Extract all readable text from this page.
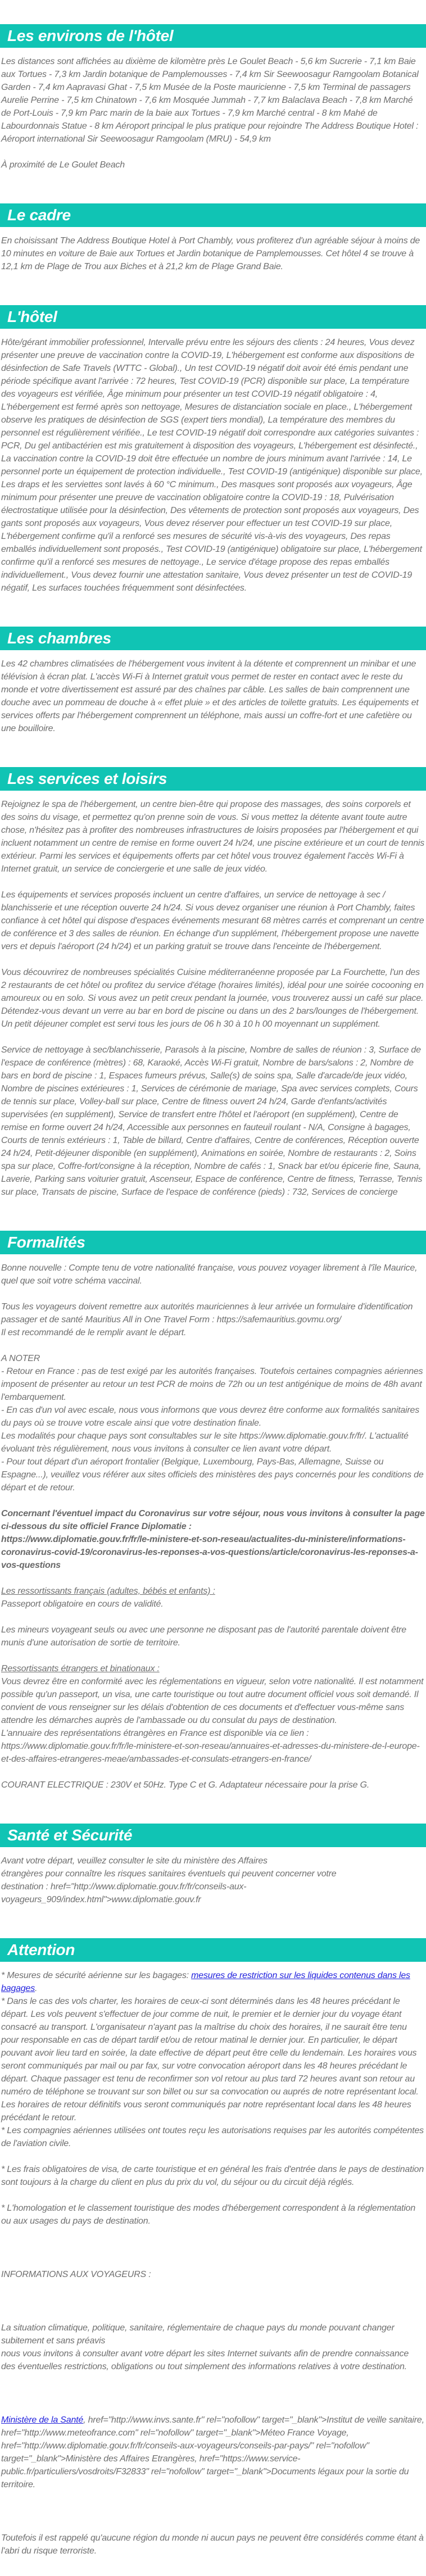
Les environs de l'hôtel

Les distances sont affichées au dixième de kilomètre près Le Goulet Beach - 5,6 km Sucrerie - 7,1 km Baie aux Tortues - 7,3 km Jardin botanique de Pamplemousses - 7,4 km Sir Seewoosagur Ramgoolam Botanical Garden - 7,4 km Aapravasi Ghat - 7,5 km Musée de la Poste mauricienne - 7,5 km Terminal de passagers Aurelie Perrine - 7,5 km Chinatown - 7,6 km Mosquée Jummah - 7,7 km Balaclava Beach - 7,8 km Marché de Port-Louis - 7,9 km Parc marin de la baie aux Tortues - 7,9 km Marché central - 8 km Mahé de Labourdonnais Statue - 8 km Aéroport principal le plus pratique pour rejoindre The Address Boutique Hotel : Aéroport international Sir Seewoosagur Ramgoolam (MRU) - 54,9 km

À proximité de Le Goulet Beach

Le cadre

En choisissant The Address Boutique Hotel à Port Chambly, vous profiterez d'un agréable séjour à moins de 10 minutes en voiture de Baie aux Tortues et Jardin botanique de Pamplemousses. Cet hôtel 4 se trouve à 12,1 km de Plage de Trou aux Biches et à 21,2 km de Plage Grand Baie.

L'hôtel

Hôte/gérant immobilier professionnel, Intervalle prévu entre les séjours des clients : 24 heures, Vous devez présenter une preuve de vaccination contre la COVID-19, L'hébergement est conforme aux dispositions de désinfection de Safe Travels (WTTC - Global)., Un test COVID-19 négatif doit avoir été émis pendant une période spécifique avant l'arrivée : 72 heures, Test COVID-19 (PCR) disponible sur place, La température des voyageurs est vérifiée, Âge minimum pour présenter un test COVID-19 négatif obligatoire : 4, L'hébergement est fermé après son nettoyage, Mesures de distanciation sociale en place., L'hébergement observe les pratiques de désinfection de SGS (expert tiers mondial), La température des membres du personnel est régulièrement vérifiée., Le test COVID-19 négatif doit correspondre aux catégories suivantes : PCR, Du gel antibactérien est mis gratuitement à disposition des voyageurs, L'hébergement est désinfecté., La vaccination contre la COVID-19 doit être effectuée un nombre de jours minimum avant l'arrivée : 14, Le personnel porte un équipement de protection individuelle., Test COVID-19 (antigénique) disponible sur place, Les draps et les serviettes sont lavés à 60 °C minimum., Des masques sont proposés aux voyageurs, Âge minimum pour présenter une preuve de vaccination obligatoire contre la COVID-19 : 18, Pulvérisation électrostatique utilisée pour la désinfection, Des vêtements de protection sont proposés aux voyageurs, Des gants sont proposés aux voyageurs, Vous devez réserver pour effectuer un test COVID-19 sur place, L'hébergement confirme qu'il a renforcé ses mesures de sécurité vis-à-vis des voyageurs, Des repas emballés individuellement sont proposés., Test COVID-19 (antigénique) obligatoire sur place, L'hébergement confirme qu'il a renforcé ses mesures de nettoyage., Le service d'étage propose des repas emballés individuellement., Vous devez fournir une attestation sanitaire, Vous devez présenter un test de COVID-19 négatif, Les surfaces touchées fréquemment sont désinfectées.

Les chambres

Les 42 chambres climatisées de l'hébergement vous invitent à la détente et comprennent un minibar et une télévision à écran plat. L'accès Wi-Fi à Internet gratuit vous permet de rester en contact avec le reste du monde et votre divertissement est assuré par des chaînes par câble. Les salles de bain comprennent une douche avec un pommeau de douche à « effet pluie » et des articles de toilette gratuits. Les équipements et services offerts par l'hébergement comprennent un téléphone, mais aussi un coffre-fort et une cafetière ou une bouilloire.

Les services et loisirs

Rejoignez le spa de l'hébergement, un centre bien-être qui propose des massages, des soins corporels et des soins du visage, et permettez qu'on prenne soin de vous. Si vous mettez la détente avant toute autre chose, n'hésitez pas à profiter des nombreuses infrastructures de loisirs proposées par l'hébergement et qui incluent notamment un centre de remise en forme ouvert 24 h/24, une piscine extérieure et un court de tennis extérieur. Parmi les services et équipements offerts par cet hôtel vous trouvez également l'accès Wi-Fi à Internet gratuit, un service de conciergerie et une salle de jeux vidéo.

Les équipements et services proposés incluent un centre d'affaires, un service de nettoyage à sec / blanchisserie et une réception ouverte 24 h/24. Si vous devez organiser une réunion à Port Chambly, faites confiance à cet hôtel qui dispose d'espaces événements mesurant 68 mètres carrés et comprenant un centre de conférence et 3 des salles de réunion. En échange d'un supplément, l'hébergement propose une navette vers et depuis l'aéroport (24 h/24) et un parking gratuit se trouve dans l'enceinte de l'hébergement.

Vous découvrirez de nombreuses spécialités Cuisine méditerranéenne proposée par La Fourchette, l'un des 2 restaurants de cet hôtel ou profitez du service d'étage (horaires limités), idéal pour une soirée cocooning en amoureux ou en solo. Si vous avez un petit creux pendant la journée, vous trouverez aussi un café sur place. Détendez-vous devant un verre au bar en bord de piscine ou dans un des 2 bars/lounges de l'hébergement. Un petit déjeuner complet est servi tous les jours de 06 h 30 à 10 h 00 moyennant un supplément.

Service de nettoyage à sec/blanchisserie, Parasols à la piscine, Nombre de salles de réunion : 3, Surface de l'espace de conférence (mètres) : 68, Karaoké, Accès Wi-Fi gratuit, Nombre de bars/salons : 2, Nombre de bars en bord de piscine : 1, Espaces fumeurs prévus, Salle(s) de soins spa, Salle d'arcade/de jeux vidéo, Nombre de piscines extérieures : 1, Services de cérémonie de mariage, Spa avec services complets, Cours de tennis sur place, Volley-ball sur place, Centre de fitness ouvert 24 h/24, Garde d'enfants/activités supervisées (en supplément), Service de transfert entre l'hôtel et l'aéroport (en supplément), Centre de remise en forme ouvert 24 h/24, Accessible aux personnes en fauteuil roulant - N/A, Consigne à bagages, Courts de tennis extérieurs : 1, Table de billard, Centre d'affaires, Centre de conférences, Réception ouverte 24 h/24, Petit-déjeuner disponible (en supplément), Animations en soirée, Nombre de restaurants : 2, Soins spa sur place, Coffre-fort/consigne à la réception, Nombre de cafés : 1, Snack bar et/ou épicerie fine, Sauna, Laverie, Parking sans voiturier gratuit, Ascenseur, Espace de conférence, Centre de fitness, Terrasse, Tennis sur place, Transats de piscine, Surface de l'espace de conférence (pieds) : 732, Services de concierge

Formalités

Bonne nouvelle : Compte tenu de votre nationalité française, vous pouvez voyager librement à l'île Maurice, quel que soit votre schéma vaccinal.

Tous les voyageurs doivent remettre aux autorités mauriciennes à leur arrivée un formulaire d'identification passager et de santé Mauritius All in One Travel Form : https://safemauritius.govmu.org/
Il est recommandé de le remplir avant le départ.

A NOTER
- Retour en France : pas de test exigé par les autorités françaises. Toutefois certaines compagnies aériennes imposent de présenter au retour un test PCR de moins de 72h ou un test antigénique de moins de 48h avant l'embarquement.
- En cas d'un vol avec escale, nous vous informons que vous devrez être conforme aux formalités sanitaires du pays où se trouve votre escale ainsi que votre destination finale.
Les modalités pour chaque pays sont consultables sur le site https://www.diplomatie.gouv.fr/fr/. L'actualité évoluant très régulièrement, nous vous invitons à consulter ce lien avant votre départ.
- Pour tout départ d'un aéroport frontalier (Belgique, Luxembourg, Pays-Bas, Allemagne, Suisse ou Espagne...), veuillez vous référer aux sites officiels des ministères des pays concernés pour les conditions de départ et de retour.

Concernant l'éventuel impact du Coronavirus sur votre séjour, nous vous invitons à consulter la page ci-dessous du site officiel France Diplomatie :
https://www.diplomatie.gouv.fr/fr/le-ministere-et-son-reseau/actualites-du-ministere/informations-coronavirus-covid-19/coronavirus-les-reponses-a-vos-questions/article/coronavirus-les-reponses-a-vos-questions

Les ressortissants français (adultes, bébés et enfants) :
Passeport obligatoire en cours de validité.

Les mineurs voyageant seuls ou avec une personne ne disposant pas de l'autorité parentale doivent être munis d'une autorisation de sortie de territoire.

Ressortissants étrangers et binationaux :
Vous devrez être en conformité avec les réglementations en vigueur, selon votre nationalité. Il est notamment possible qu'un passeport, un visa, une carte touristique ou tout autre document officiel vous soit demandé. Il convient de vous renseigner sur les délais d'obtention de ces documents et d'effectuer vous-même sans attendre les démarches auprès de l'ambassade ou du consulat du pays de destination.
L'annuaire des représentations étrangères en France est disponible via ce lien :
https://www.diplomatie.gouv.fr/fr/le-ministere-et-son-reseau/annuaires-et-adresses-du-ministere-de-l-europe-et-des-affaires-etrangeres-meae/ambassades-et-consulats-etrangers-en-france/

COURANT ELECTRIQUE : 230V et 50Hz. Type C et G. Adaptateur nécessaire pour la prise G.

Santé et Sécurité

Avant votre départ, veuillez consulter le site du ministère des Affaires
étrangères pour connaître les risques sanitaires éventuels qui peuvent concerner votre
destination : href="http://www.diplomatie.gouv.fr/fr/conseils-aux-voyageurs_909/index.html">www.diplomatie.gouv.fr

Attention

* Mesures de sécurité aérienne sur les bagages: mesures de restriction sur les liquides contenus dans les bagages.
* Dans le cas des vols charter, les horaires de ceux-ci sont déterminés dans les 48 heures précédant le départ. Les vols peuvent s'effectuer de jour comme de nuit, le premier et le dernier jour du voyage étant consacré au transport. L'organisateur n'ayant pas la maîtrise du choix des horaires, il ne saurait être tenu pour responsable en cas de départ tardif et/ou de retour matinal le dernier jour. En particulier, le départ pouvant avoir lieu tard en soirée, la date effective de départ peut être celle du lendemain. Les horaires vous seront communiqués par mail ou par fax, sur votre convocation aéroport dans les 48 heures précédant le départ. Chaque passager est tenu de reconfirmer son vol retour au plus tard 72 heures avant son retour au numéro de téléphone se trouvant sur son billet ou sur sa convocation ou auprés de notre représentant local. Les horaires de retour définitifs vous seront communiqués par notre représentant local dans les 48 heures précédant le retour.
* Les compagnies aériennes utilisées ont toutes reçu les autorisations requises par les autorités compétentes de l'aviation civile.

* Les frais obligatoires de visa, de carte touristique et en général les frais d'entrée dans le pays de destination sont toujours à la charge du client en plus du prix du vol, du séjour ou du circuit déjà réglés.

* L'homologation et le classement touristique des modes d'hébergement correspondent à la réglementation ou aux usages du pays de destination.

INFORMATIONS AUX VOYAGEURS :

La situation climatique, politique, sanitaire, réglementaire de chaque pays du monde pouvant changer subitement et sans préavis
nous vous invitons à consulter avant votre départ les sites Internet suivants afin de prendre connaissance des éventuelles restrictions, obligations ou tout simplement des informations relatives à votre destination.

Ministère de la Santé, href="http://www.invs.sante.fr" rel="nofollow" target="_blank">Institut de veille sanitaire, href="http://www.meteofrance.com" rel="nofollow" target="_blank">Méteo France Voyage, href="http://www.diplomatie.gouv.fr/fr/conseils-aux-voyageurs/conseils-par-pays/" rel="nofollow" target="_blank">Ministère des Affaires Etrangères, href="https://www.service-public.fr/particuliers/vosdroits/F32833" rel="nofollow" target="_blank">Documents légaux pour la sortie du territoire.

Toutefois il est rappelé qu'aucune région du monde ni aucun pays ne peuvent être considérés comme étant à l'abri du risque terroriste.
